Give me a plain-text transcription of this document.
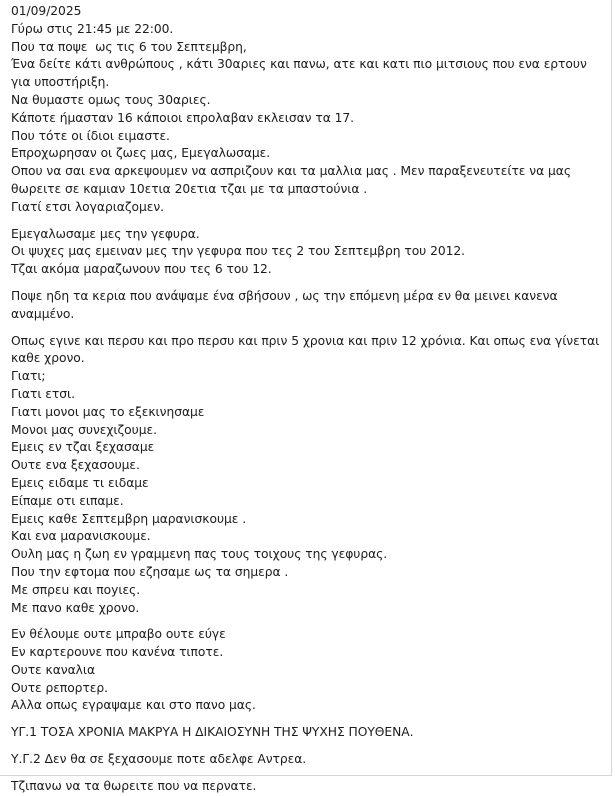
01/09/2025

Γύρω στις 21:45 με 22:00.

Που τα ποψε  ως τις 6 του Σεπτεμβρη,

Ένα δείτε κάτι ανθρώπους , κάτι 30αριες και πανω, ατε και κατι πιο μιτσιους που ενα ερτουν για υποστήριξη.

Να θυμαστε ομως τους 30αριες.

Κάποτε ήμασταν 16 κάποιοι επρολαβαν εκλεισαν τα 17.

Που τότε οι ίδιοι ειμαστε.

Επροχωρησαν οι ζωες μας, Εμεγαλωσαμε.

Οπου να σαι ενα αρκεψουμεν να ασπριζουν και τα μαλλια μας . Μεν παραξενευτείτε να μας θωρειτε σε καμιαν 10ετια 20ετια τζαι με τα μπαστούνια .

Γιατί ετσι λογαριαζομεν.

Εμεγαλωσαμε μες την γεφυρα.

Οι ψυχες μας εμειναν μες την γεφυρα που τες 2 του Σεπτεμβρη του 2012.

Τζαι ακόμα μαραζωνουν που τες 6 του 12.

Ποψε ηδη τα κερια που ανάψαμε ένα σβήσουν , ως την επόμενη μέρα εν θα μεινει κανενα αναμμένο.

Οπως εγινε και περσυ και προ περσυ και πριν 5 χρονια και πριν 12 χρόνια. Και οπως ενα γίνεται καθε χρονο.

Γιατι;

Γιατι ετσι.

Γιατι μονοι μας το εξεκινησαμε

Μονοι μας συνεχιζουμε.

Εμεις εν τζαι ξεχασαμε

Ουτε ενα ξεχασουμε.

Εμεις ειδαμε τι ειδαμε

Είπαμε οτι ειπαμε.

Εμεις καθε Σεπτεμβρη μαρανισκουμε .

Και ενα μαρανισκουμε.

Ουλη μας η ζωη εν γραμμενη πας τους τοιχους της γεφυρας.

Που την εφτομα που εζησαμε ως τα σημερα .

Με σπρεu και ποyιες.

Με πανο καθε χρονο.

Εν θέλουμε ουτε μπραβο ουτε εύγε

Εν καρτερουνε που κανένα τιποτε.

Ουτε καναλια

Ουτε ρεπορτερ.

Αλλα οπως εγραψαμε και στο πανο μας.

ΥΓ.1 ΤΟΣΑ ΧΡΟΝΙΑ ΜΑΚΡΥΑ Η ΔΙΚΑΙΟΣΥΝΗ ΤΗΣ ΨΥΧΗΣ ΠΟΥΘΕΝΑ.

Υ.Γ.2 Δεν θα σε ξεχασουμε ποτε αδελφε Αντρεα.

Τζιπανω να τα θωρειτε που να περνατε.
